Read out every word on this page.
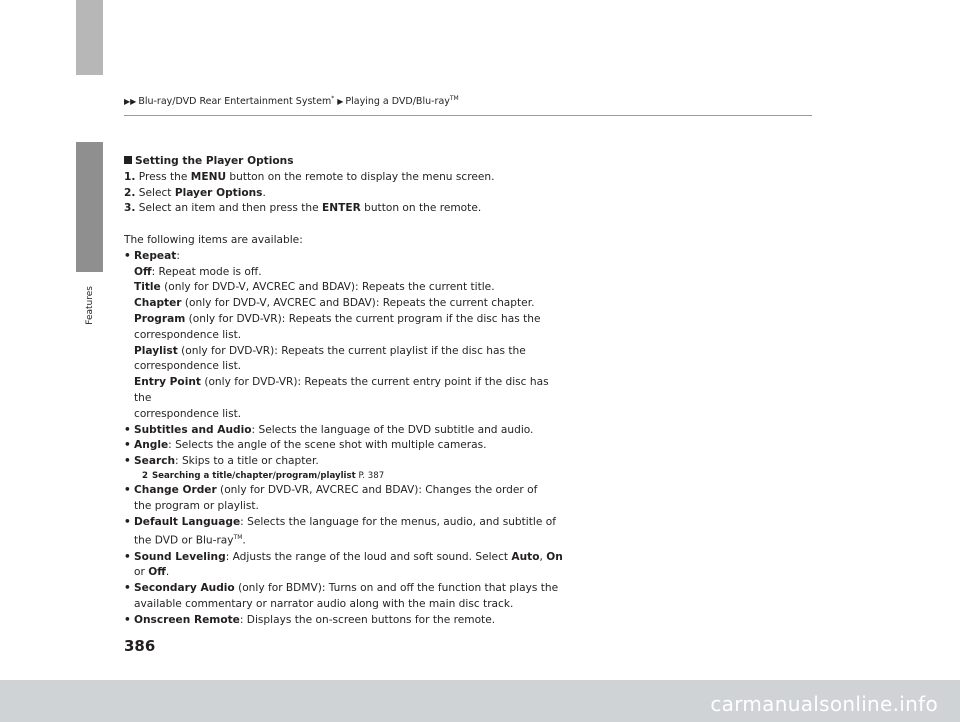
Features
▶▶ Blu-ray/DVD Rear Entertainment System* ▶ Playing a DVD/Blu-ray™

Setting the Player Options

1. Press the MENU button on the remote to display the menu screen.

2. Select Player Options.

3. Select an item and then press the ENTER button on the remote.

The following items are available:

• Repeat:

Off: Repeat mode is off.

Title (only for DVD-V, AVCREC and BDAV): Repeats the current title.

Chapter (only for DVD-V, AVCREC and BDAV): Repeats the current chapter.

Program (only for DVD-VR): Repeats the current program if the disc has the

correspondence list.

Playlist (only for DVD-VR): Repeats the current playlist if the disc has the

correspondence list.

Entry Point (only for DVD-VR): Repeats the current entry point if the disc has the

correspondence list.

• Subtitles and Audio: Selects the language of the DVD subtitle and audio.

• Angle: Selects the angle of the scene shot with multiple cameras.

• Search: Skips to a title or chapter.

2 Searching a title/chapter/program/playlist P. 387

• Change Order (only for DVD-VR, AVCREC and BDAV): Changes the order of

the program or playlist.

• Default Language: Selects the language for the menus, audio, and subtitle of

the DVD or Blu-ray™.

• Sound Leveling: Adjusts the range of the loud and soft sound. Select Auto, On

or Off.

• Secondary Audio (only for BDMV): Turns on and off the function that plays the

available commentary or narrator audio along with the main disc track.

• Onscreen Remote: Displays the on-screen buttons for the remote.

386
carmanualsonline.info
